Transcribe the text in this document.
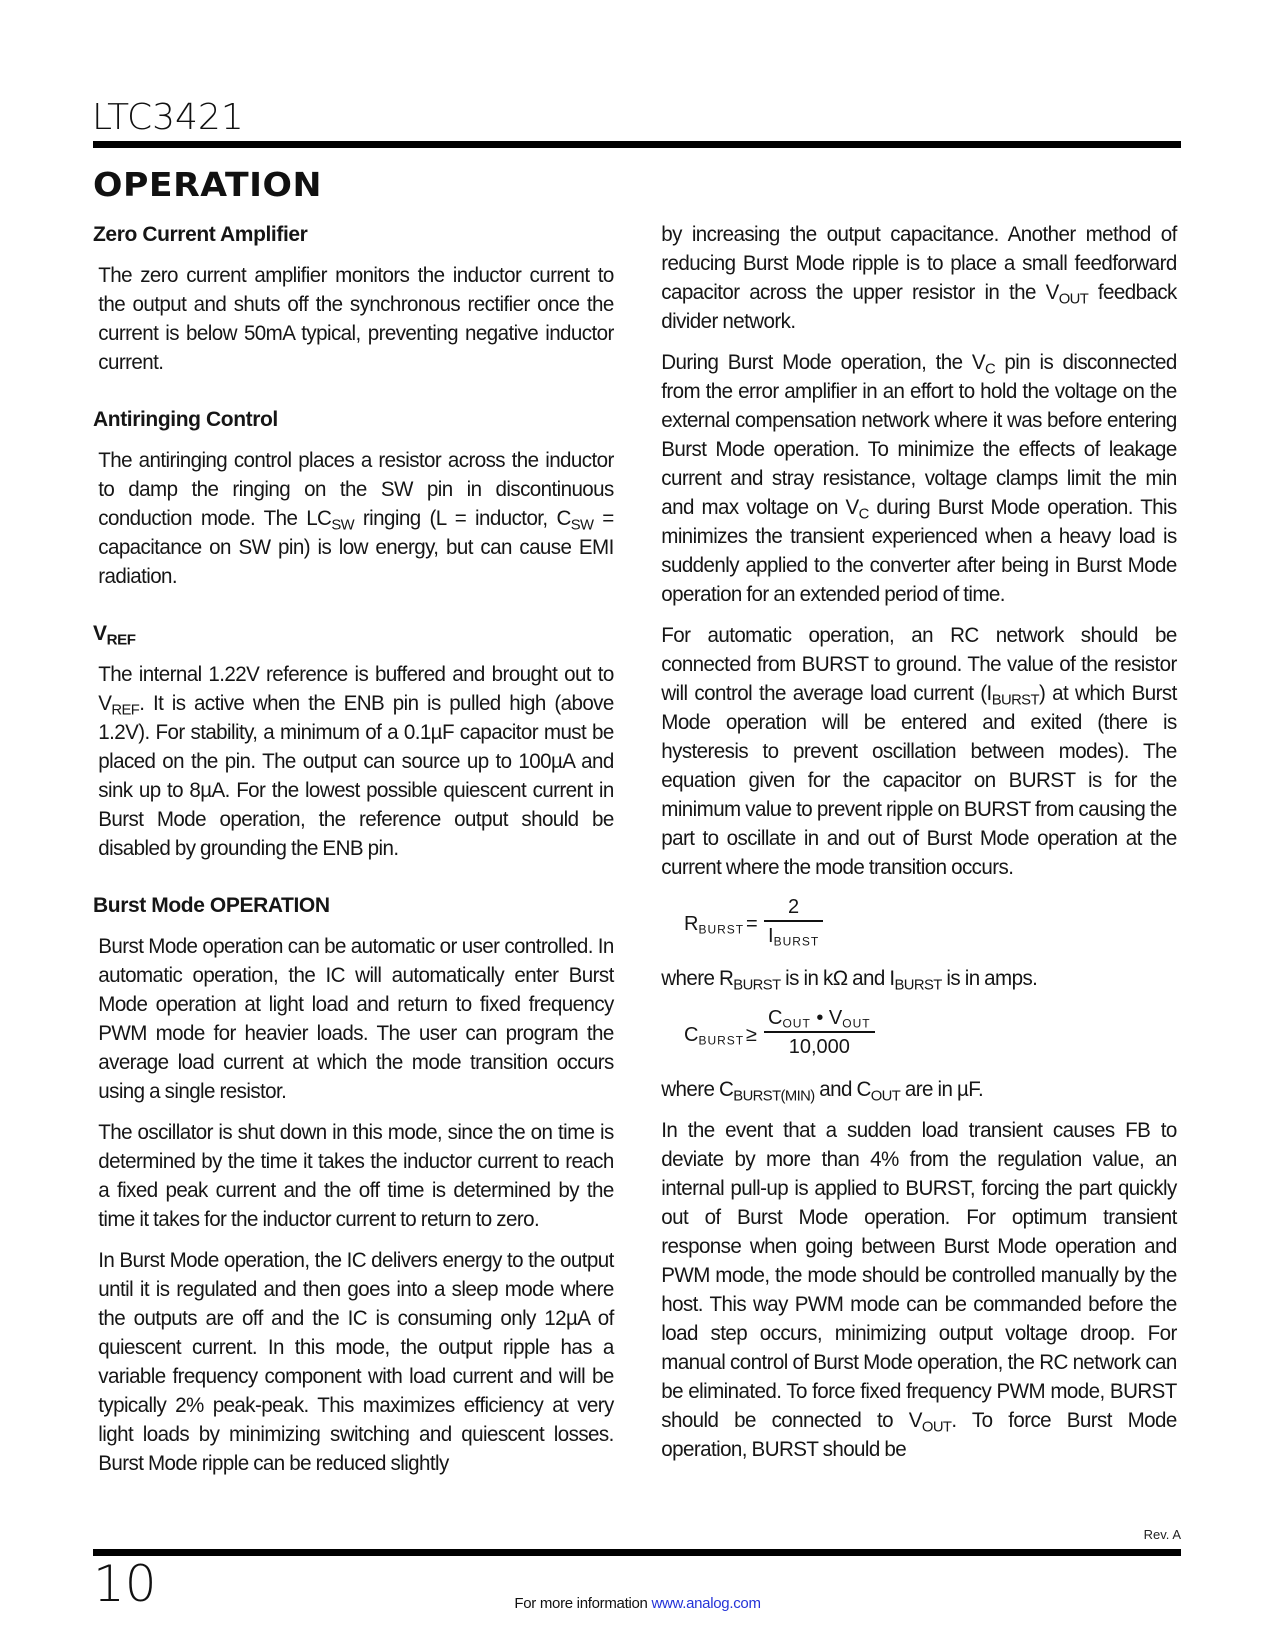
LTC3421
OPERATION
Zero Current Amplifier

The zero current amplifier monitors the inductor current to the output and shuts off the synchronous rectifier once the current is below 50mA typical, preventing negative inductor current.

Antiringing Control

The antiringing control places a resistor across the inductor to damp the ringing on the SW pin in discontinuous conduction mode. The $LC_{SW}$ ringing (L = inductor, $C_{SW}$ = capacitance on SW pin) is low energy, but can cause EMI radiation.

$V_{REF}$

The internal 1.22V reference is buffered and brought out to $V_{REF}$. It is active when the ENB pin is pulled high (above 1.2V). For stability, a minimum of a 0.1µF capacitor must be placed on the pin. The output can source up to 100µA and sink up to 8µA. For the lowest possible quiescent current in Burst Mode operation, the reference output should be disabled by grounding the ENB pin.

Burst Mode OPERATION

Burst Mode operation can be automatic or user controlled. In automatic operation, the IC will automatically enter Burst Mode operation at light load and return to fixed frequency PWM mode for heavier loads. The user can program the average load current at which the mode transition occurs using a single resistor.

The oscillator is shut down in this mode, since the on time is determined by the time it takes the inductor current to reach a fixed peak current and the off time is determined by the time it takes for the inductor current to return to zero.

In Burst Mode operation, the IC delivers energy to the output until it is regulated and then goes into a sleep mode where the outputs are off and the IC is consuming only 12µA of quiescent current. In this mode, the output ripple has a variable frequency component with load current and will be typically 2% peak-peak. This maximizes efficiency at very light loads by minimizing switching and quiescent losses. Burst Mode ripple can be reduced slightly

by increasing the output capacitance. Another method of reducing Burst Mode ripple is to place a small feedforward capacitor across the upper resistor in the $V_{OUT}$ feedback divider network.

During Burst Mode operation, the $V_C$ pin is disconnected from the error amplifier in an effort to hold the voltage on the external compensation network where it was before entering Burst Mode operation. To minimize the effects of leakage current and stray resistance, voltage clamps limit the min and max voltage on $V_C$ during Burst Mode operation. This minimizes the transient experienced when a heavy load is suddenly applied to the converter after being in Burst Mode operation for an extended period of time.

For automatic operation, an RC network should be connected from BURST to ground. The value of the resistor will control the average load current $(I_{BURST})$ at which Burst Mode operation will be entered and exited (there is hysteresis to prevent oscillation between modes). The equation given for the capacitor on BURST is for the minimum value to prevent ripple on BURST from causing the part to oscillate in and out of Burst Mode operation at the current where the mode transition occurs.

$R_{BURST}$ =
2
$I_{BURST}$

where $R_{BURST}$ is in kΩ and $I_{BURST}$ is in amps.

$C_{BURST}$ ≥
$C_{OUT}$ • $V_{OUT}$
10,000

where $C_{BURST(MIN)}$ and $C_{OUT}$ are in µF.

In the event that a sudden load transient causes FB to deviate by more than 4% from the regulation value, an internal pull-up is applied to BURST, forcing the part quickly out of Burst Mode operation. For optimum transient response when going between Burst Mode operation and PWM mode, the mode should be controlled manually by the host. This way PWM mode can be commanded before the load step occurs, minimizing output voltage droop. For manual control of Burst Mode operation, the RC network can be eliminated. To force fixed frequency PWM mode, BURST should be connected to $V_{OUT}$. To force Burst Mode operation, BURST should be

Rev. A
10	For more information www.analog.com
